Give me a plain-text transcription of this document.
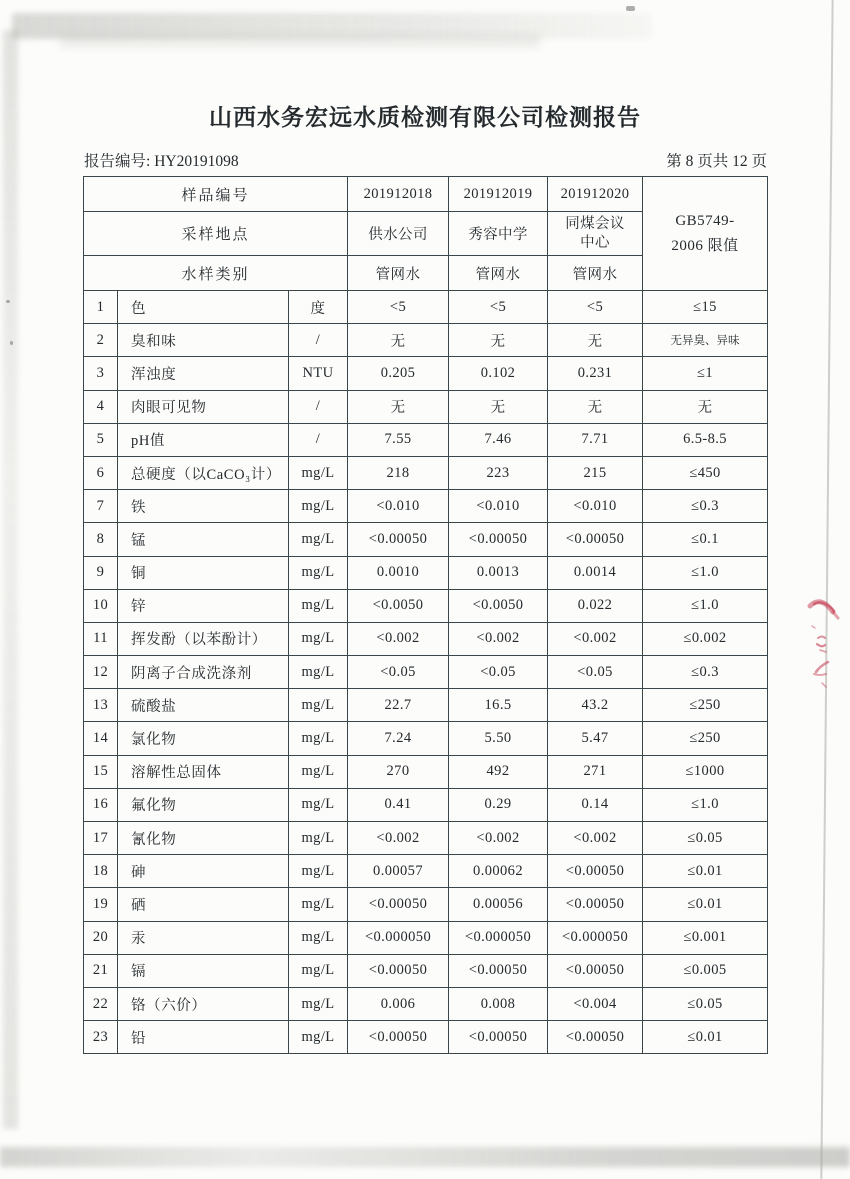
山西水务宏远水质检测有限公司检测报告
报告编号: HY20191098	第 8 页共 12 页
样品编号			201912018	201912019	201912020	GB5749-
2006 限值

采样地点			供水公司	秀容中学	同煤会议中心	

水样类别			管网水	管网水	管网水	
1	色	度	<5	<5	<5	≤15
2	臭和味	/	无	无	无	无异臭、异味
3	浑浊度	NTU	0.205	0.102	0.231	≤1
4	肉眼可见物	/	无	无	无	无
5	pH值	/	7.55	7.46	7.71	6.5-8.5
6	总硬度（以CaCO₃计）	mg/L	218	223	215	≤450
7	铁	mg/L	<0.010	<0.010	<0.010	≤0.3
8	锰	mg/L	<0.00050	<0.00050	<0.00050	≤0.1
9	铜	mg/L	0.0010	0.0013	0.0014	≤1.0
10	锌	mg/L	<0.0050	<0.0050	0.022	≤1.0
11	挥发酚（以苯酚计）	mg/L	<0.002	<0.002	<0.002	≤0.002
12	阴离子合成洗涤剂	mg/L	<0.05	<0.05	<0.05	≤0.3
13	硫酸盐	mg/L	22.7	16.5	43.2	≤250
14	氯化物	mg/L	7.24	5.50	5.47	≤250
15	溶解性总固体	mg/L	270	492	271	≤1000
16	氟化物	mg/L	0.41	0.29	0.14	≤1.0
17	氰化物	mg/L	<0.002	<0.002	<0.002	≤0.05
18	砷	mg/L	0.00057	0.00062	<0.00050	≤0.01
19	硒	mg/L	<0.00050	0.00056	<0.00050	≤0.01
20	汞	mg/L	<0.000050	<0.000050	<0.000050	≤0.001
21	镉	mg/L	<0.00050	<0.00050	<0.00050	≤0.005
22	铬（六价）	mg/L	0.006	0.008	<0.004	≤0.05
23	铅	mg/L	<0.00050	<0.00050	<0.00050	≤0.01
